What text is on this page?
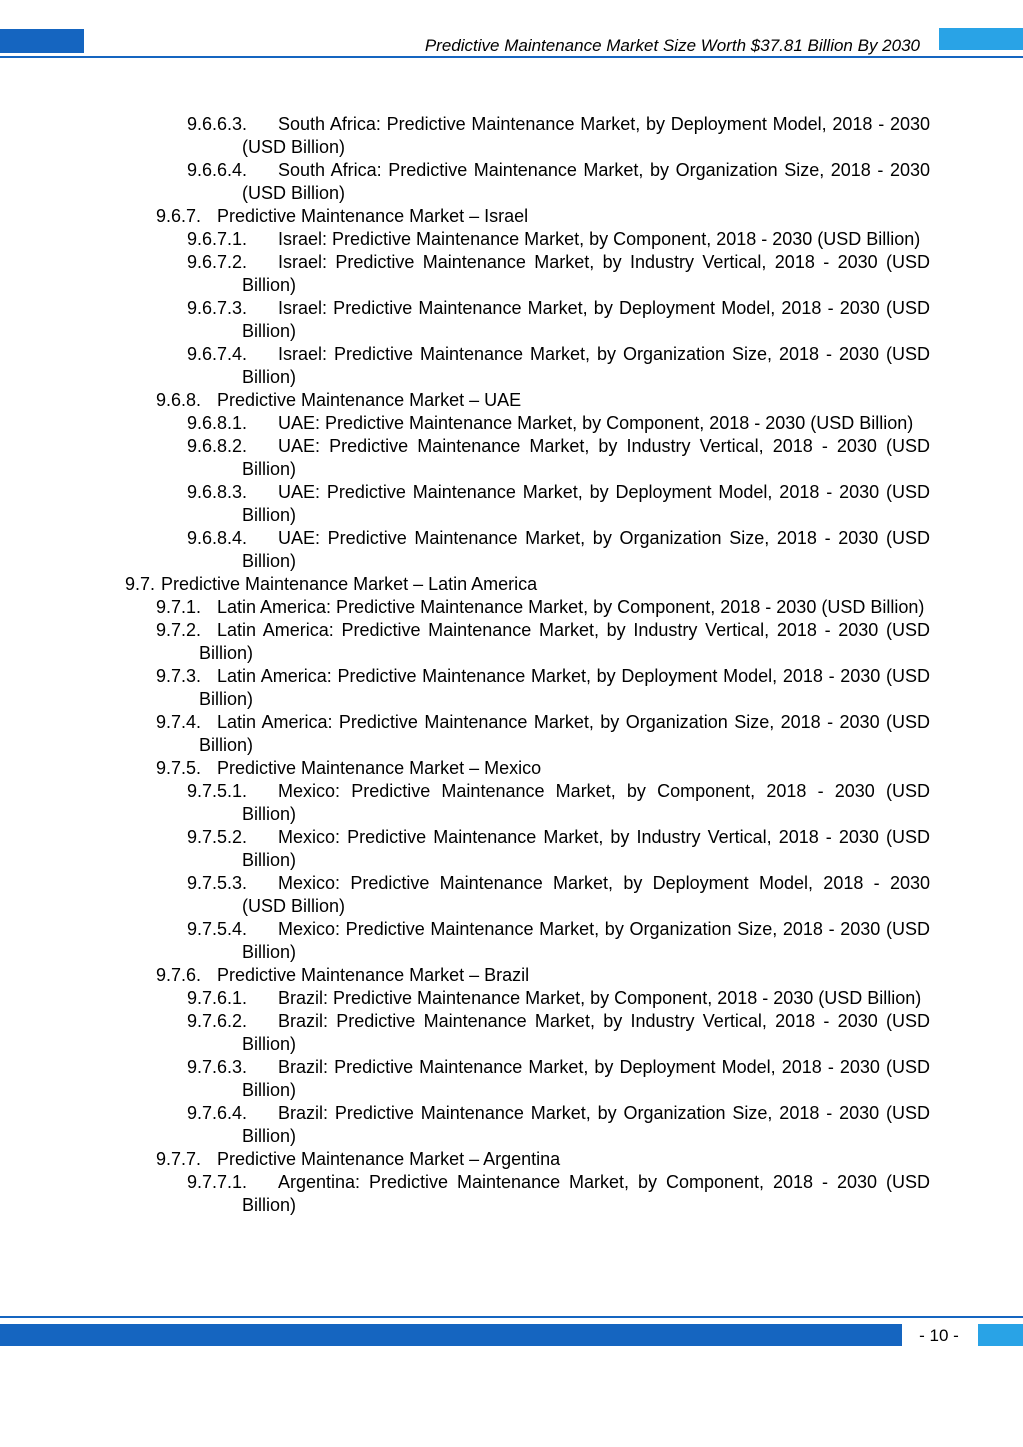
Predictive Maintenance Market Size Worth $37.81 Billion By 2030
9.6.6.3.	South Africa: Predictive Maintenance Market, by Deployment Model, 2018 - 2030 (USD Billion)
9.6.6.4.	South Africa: Predictive Maintenance Market, by Organization Size, 2018 - 2030 (USD Billion)
9.6.7. Predictive Maintenance Market – Israel
9.6.7.1.	Israel: Predictive Maintenance Market, by Component, 2018 - 2030 (USD Billion)
9.6.7.2.	Israel: Predictive Maintenance Market, by Industry Vertical, 2018 - 2030 (USD Billion)
9.6.7.3.	Israel: Predictive Maintenance Market, by Deployment Model, 2018 - 2030 (USD Billion)
9.6.7.4.	Israel: Predictive Maintenance Market, by Organization Size, 2018 - 2030 (USD Billion)
9.6.8. Predictive Maintenance Market – UAE
9.6.8.1.	UAE: Predictive Maintenance Market, by Component, 2018 - 2030 (USD Billion)
9.6.8.2.	UAE: Predictive Maintenance Market, by Industry Vertical, 2018 - 2030 (USD Billion)
9.6.8.3.	UAE: Predictive Maintenance Market, by Deployment Model, 2018 - 2030 (USD Billion)
9.6.8.4.	UAE: Predictive Maintenance Market, by Organization Size, 2018 - 2030 (USD Billion)
9.7. Predictive Maintenance Market – Latin America
9.7.1. Latin America: Predictive Maintenance Market, by Component, 2018 - 2030 (USD Billion)
9.7.2. Latin America: Predictive Maintenance Market, by Industry Vertical, 2018 - 2030 (USD Billion)
9.7.3. Latin America: Predictive Maintenance Market, by Deployment Model, 2018 - 2030 (USD Billion)
9.7.4. Latin America: Predictive Maintenance Market, by Organization Size, 2018 - 2030 (USD Billion)
9.7.5. Predictive Maintenance Market – Mexico
9.7.5.1.	Mexico: Predictive Maintenance Market, by Component, 2018 - 2030 (USD Billion)
9.7.5.2.	Mexico: Predictive Maintenance Market, by Industry Vertical, 2018 - 2030 (USD Billion)
9.7.5.3.	Mexico: Predictive Maintenance Market, by Deployment Model, 2018 - 2030 (USD Billion)
9.7.5.4.	Mexico: Predictive Maintenance Market, by Organization Size, 2018 - 2030 (USD Billion)
9.7.6. Predictive Maintenance Market – Brazil
9.7.6.1.	Brazil: Predictive Maintenance Market, by Component, 2018 - 2030 (USD Billion)
9.7.6.2.	Brazil: Predictive Maintenance Market, by Industry Vertical, 2018 - 2030 (USD Billion)
9.7.6.3.	Brazil: Predictive Maintenance Market, by Deployment Model, 2018 - 2030 (USD Billion)
9.7.6.4.	Brazil: Predictive Maintenance Market, by Organization Size, 2018 - 2030 (USD Billion)
9.7.7. Predictive Maintenance Market – Argentina
9.7.7.1.	Argentina: Predictive Maintenance Market, by Component, 2018 - 2030 (USD Billion)
- 10 -
